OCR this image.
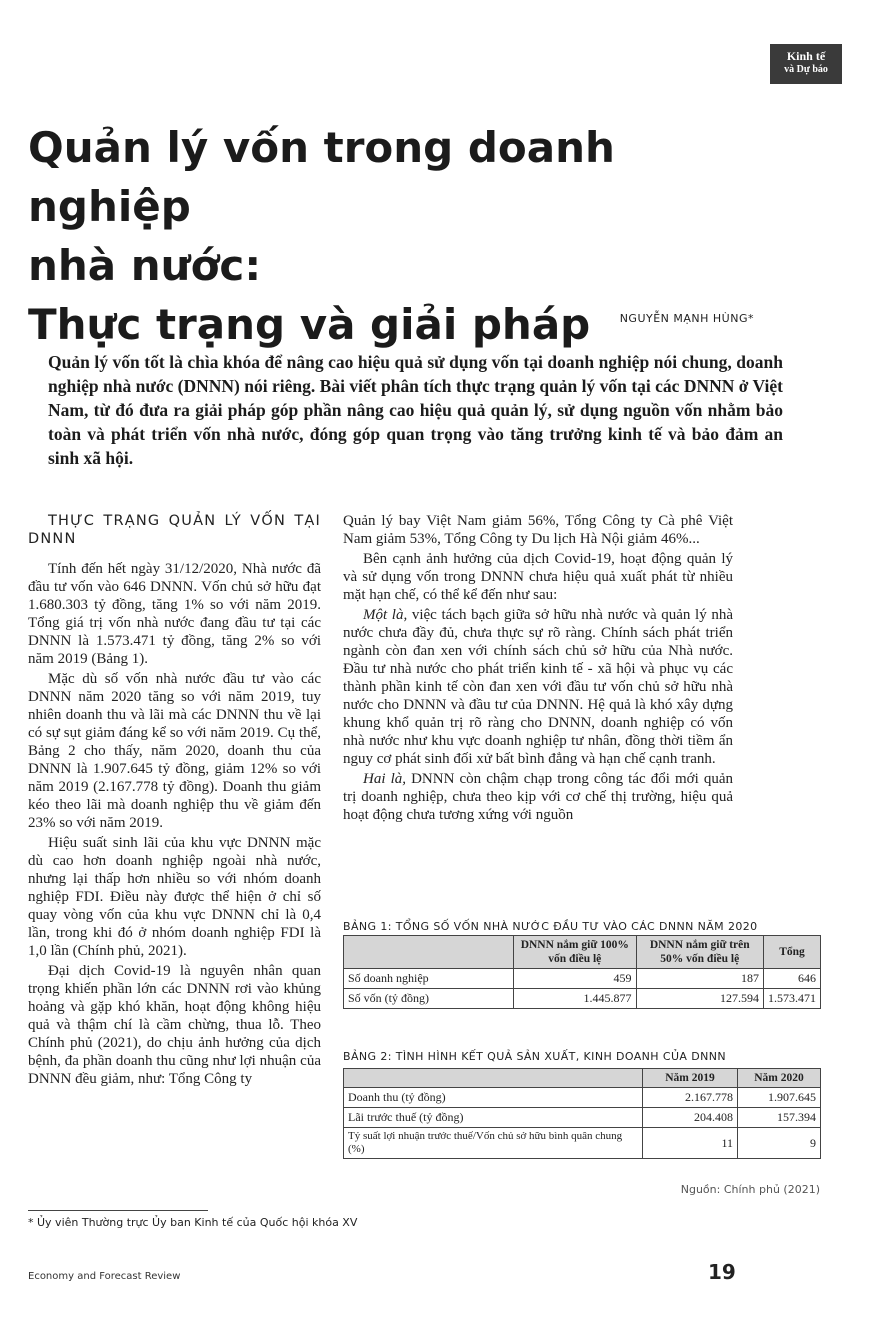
Kinh tế
và Dự báo
Quản lý vốn trong doanh nghiệp
nhà nước:
Thực trạng và giải pháp	NGUYỄN MẠNH HÙNG*

Quản lý vốn tốt là chìa khóa để nâng cao hiệu quả sử dụng vốn tại doanh nghiệp nói chung, doanh nghiệp nhà nước (DNNN) nói riêng. Bài viết phân tích thực trạng quản lý vốn tại các DNNN ở Việt Nam, từ đó đưa ra giải pháp góp phần nâng cao hiệu quả quản lý, sử dụng nguồn vốn nhằm bảo toàn và phát triển vốn nhà nước, đóng góp quan trọng vào tăng trưởng kinh tế và bảo đảm an sinh xã hội.

THỰC TRẠNG QUẢN LÝ VỐN TẠI DNNN

Tính đến hết ngày 31/12/2020, Nhà nước đã đầu tư vốn vào 646 DNNN. Vốn chủ sở hữu đạt 1.680.303 tỷ đồng, tăng 1% so với năm 2019. Tổng giá trị vốn nhà nước đang đầu tư tại các DNNN là 1.573.471 tỷ đồng, tăng 2% so với năm 2019 (Bảng 1).

Mặc dù số vốn nhà nước đầu tư vào các DNNN năm 2020 tăng so với năm 2019, tuy nhiên doanh thu và lãi mà các DNNN thu về lại có sự sụt giảm đáng kể so với năm 2019. Cụ thể, Bảng 2 cho thấy, năm 2020, doanh thu của DNNN là 1.907.645 tỷ đồng, giảm 12% so với năm 2019 (2.167.778 tỷ đồng). Doanh thu giảm kéo theo lãi mà doanh nghiệp thu về giảm đến 23% so với năm 2019.

Hiệu suất sinh lãi của khu vực DNNN mặc dù cao hơn doanh nghiệp ngoài nhà nước, nhưng lại thấp hơn nhiều so với nhóm doanh nghiệp FDI. Điều này được thể hiện ở chỉ số quay vòng vốn của khu vực DNNN chỉ là 0,4 lần, trong khi đó ở nhóm doanh nghiệp FDI là 1,0 lần (Chính phủ, 2021).

Đại dịch Covid-19 là nguyên nhân quan trọng khiến phần lớn các DNNN rơi vào khủng hoảng và gặp khó khăn, hoạt động không hiệu quả và thậm chí là cầm chừng, thua lỗ. Theo Chính phủ (2021), do chịu ảnh hưởng của dịch bệnh, đa phần doanh thu cũng như lợi nhuận của DNNN đều giảm, như: Tổng Công ty

Quản lý bay Việt Nam giảm 56%, Tổng Công ty Cà phê Việt Nam giảm 53%, Tổng Công ty Du lịch Hà Nội giảm 46%...

Bên cạnh ảnh hưởng của dịch Covid-19, hoạt động quản lý và sử dụng vốn trong DNNN chưa hiệu quả xuất phát từ nhiều mặt hạn chế, có thể kể đến như sau:

Một là, việc tách bạch giữa sở hữu nhà nước và quản lý nhà nước chưa đầy đủ, chưa thực sự rõ ràng. Chính sách phát triển ngành còn đan xen với chính sách chủ sở hữu của Nhà nước. Đầu tư nhà nước cho phát triển kinh tế - xã hội và phục vụ các thành phần kinh tế còn đan xen với đầu tư vốn chủ sở hữu nhà nước cho DNNN và đầu tư của DNNN. Hệ quả là khó xây dựng khung khổ quản trị rõ ràng cho DNNN, doanh nghiệp có vốn nhà nước như khu vực doanh nghiệp tư nhân, đồng thời tiềm ẩn nguy cơ phát sinh đối xử bất bình đẳng và hạn chế cạnh tranh.

Hai là, DNNN còn chậm chạp trong công tác đổi mới quản trị doanh nghiệp, chưa theo kịp với cơ chế thị trường, hiệu quả hoạt động chưa tương xứng với nguồn

BẢNG 1: TỔNG SỐ VỐN NHÀ NƯỚC ĐẦU TƯ VÀO CÁC DNNN NĂM 2020
	DNNN nắm giữ 100% vốn điều lệ	DNNN nắm giữ trên 50% vốn điều lệ	Tổng
Số doanh nghiệp	459	187	646
Số vốn (tỷ đồng)	1.445.877	127.594	1.573.471
BẢNG 2: TÌNH HÌNH KẾT QUẢ SẢN XUẤT, KINH DOANH CỦA DNNN
	Năm 2019	Năm 2020
Doanh thu (tỷ đồng)	2.167.778	1.907.645
Lãi trước thuế (tỷ đồng)	204.408	157.394
Tỷ suất lợi nhuận trước thuế/Vốn chủ sở hữu bình quân chung (%)	11	9
Nguồn: Chính phủ (2021)
* Ủy viên Thường trực Ủy ban Kinh tế của Quốc hội khóa XV
Economy and Forecast Review	19
